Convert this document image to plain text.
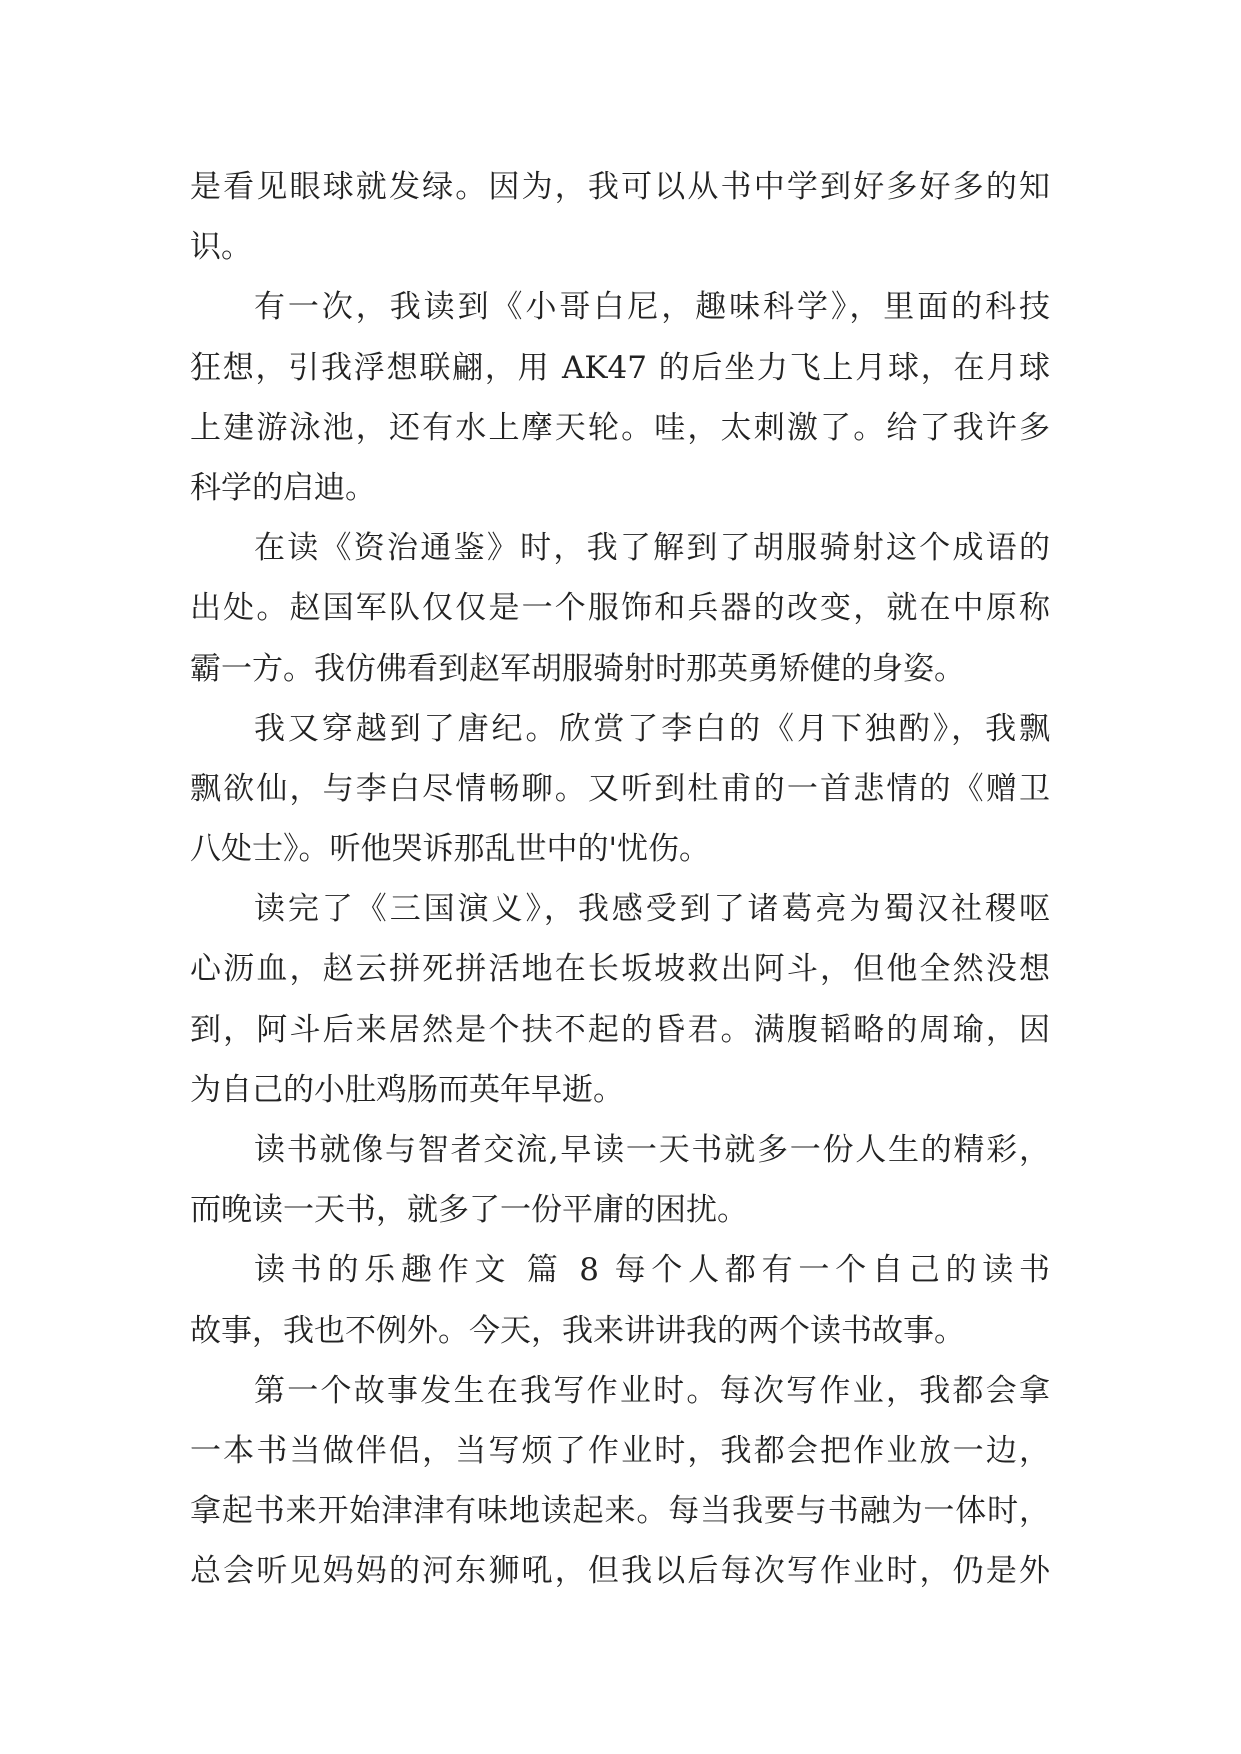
是看见眼球就发绿。因为，我可以从书中学到好多好多的知
识。
有一次，我读到《小哥白尼，趣味科学》，里面的科技
狂想，引我浮想联翩，用 AK47 的后坐力飞上月球，在月球
上建游泳池，还有水上摩天轮。哇，太刺激了。给了我许多
科学的启迪。
在读《资治通鉴》时，我了解到了胡服骑射这个成语的
出处。赵国军队仅仅是一个服饰和兵器的改变，就在中原称
霸一方。我仿佛看到赵军胡服骑射时那英勇矫健的身姿。
我又穿越到了唐纪。欣赏了李白的《月下独酌》，我飘
飘欲仙，与李白尽情畅聊。又听到杜甫的一首悲情的《赠卫
八处士》。听他哭诉那乱世中的'忧伤。
读完了《三国演义》，我感受到了诸葛亮为蜀汉社稷呕
心沥血，赵云拼死拼活地在长坂坡救出阿斗，但他全然没想
到，阿斗后来居然是个扶不起的昏君。满腹韬略的周瑜，因
为自己的小肚鸡肠而英年早逝。
读书就像与智者交流,早读一天书就多一份人生的精彩，
而晚读一天书，就多了一份平庸的困扰。
读书的乐趣作文 篇 8 每个人都有一个自己的读书
故事，我也不例外。今天，我来讲讲我的两个读书故事。
第一个故事发生在我写作业时。每次写作业，我都会拿
一本书当做伴侣，当写烦了作业时，我都会把作业放一边，
拿起书来开始津津有味地读起来。每当我要与书融为一体时，
总会听见妈妈的河东狮吼，但我以后每次写作业时，仍是外
